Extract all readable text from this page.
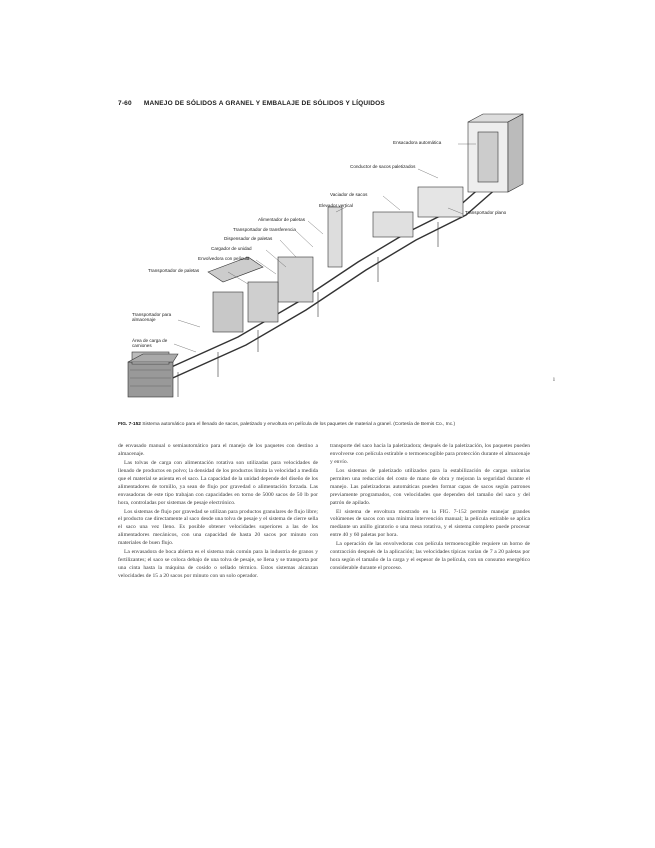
7-60 MANEJO DE SÓLIDOS A GRANEL Y EMBALAJE DE SÓLIDOS Y LÍQUIDOS
Ensacadora automática
Conductor de sacos paletizados
Vaciador de sacos
Elevador vertical
Transportador plano
Alimentador de paletas
Transportador de transferencia
Dispensador de paletas
Cargador de unidad
Envolvedora con película
Transportador de paletas
Transportador para almacenaje
Área de carga de camiones
ı
FIG. 7-152 Sistema automático para el llenado de sacos, paletizado y envoltura en película de los paquetes de material a granel. (Cortesía de Bemis Co., Inc.)

de envasado manual o semiautomático para el manejo de los paquetes con destino a almacenaje.

Las tolvas de carga con alimentación rotativa son utilizadas para velocidades de llenado de productos en polvo; la densidad de los productos limita la velocidad a medida que el material se asienta en el saco. La capacidad de la unidad depende del diseño de los alimentadores de tornillo, ya sean de flujo por gravedad o alimentación forzada. Las envasadoras de este tipo trabajan con capacidades en torno de 5000 sacos de 50 lb por hora, controladas por sistemas de pesaje electrónico.

Los sistemas de flujo por gravedad se utilizan para productos granulares de flujo libre; el producto cae directamente al saco desde una tolva de pesaje y el sistema de cierre sella el saco una vez lleno. Es posible obtener velocidades superiores a las de los alimentadores mecánicos, con una capacidad de hasta 20 sacos por minuto con materiales de buen flujo.

La envasadora de boca abierta es el sistema más común para la industria de granos y fertilizantes; el saco se coloca debajo de una tolva de pesaje, se llena y se transporta por una cinta hasta la máquina de cosido o sellado térmico. Estos sistemas alcanzan velocidades de 15 a 20 sacos por minuto con un solo operador.

transporte del saco hacia la paletizadora; después de la paletización, los paquetes pueden envolverse con película estirable o termoencogible para protección durante el almacenaje y envío.

Los sistemas de paletizado utilizados para la estabilización de cargas unitarias permiten una reducción del costo de mano de obra y mejoran la seguridad durante el manejo. Las paletizadoras automáticas pueden formar capas de sacos según patrones previamente programados, con velocidades que dependen del tamaño del saco y del patrón de apilado.

El sistema de envoltura mostrado en la FIG. 7-152 permite manejar grandes volúmenes de sacos con una mínima intervención manual; la película estirable se aplica mediante un anillo giratorio o una mesa rotativa, y el sistema completo puede procesar entre 40 y 60 paletas por hora.

La operación de las envolvedoras con película termoencogible requiere un horno de contracción después de la aplicación; las velocidades típicas varían de 7 a 20 paletas por hora según el tamaño de la carga y el espesor de la película, con un consumo energético considerable durante el proceso.
